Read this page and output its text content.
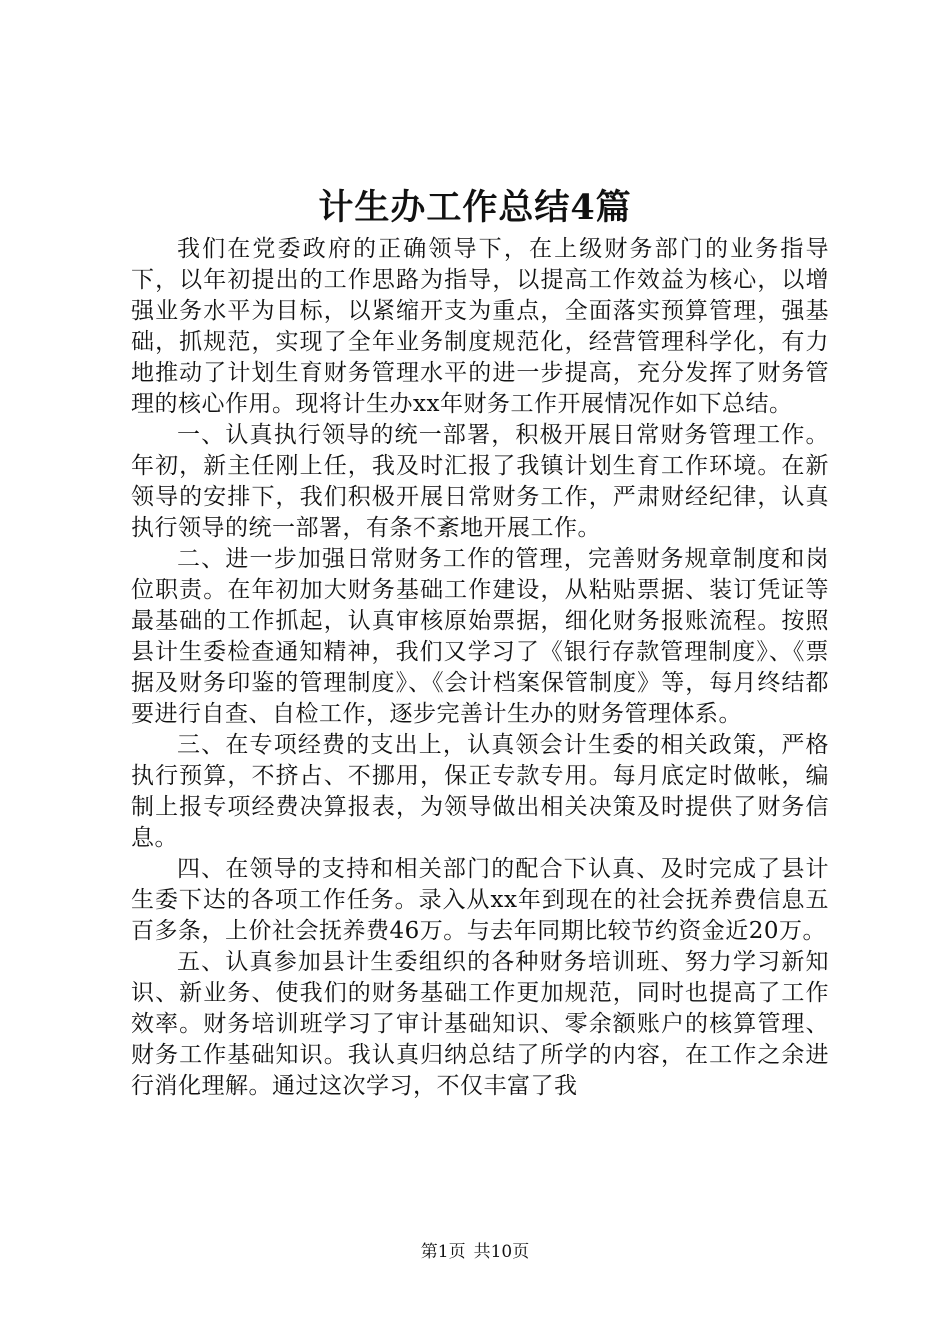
计生办工作总结4篇

我们在党委政府的正确领导下，在上级财务部门的业务指导下，以年初提出的工作思路为指导，以提高工作效益为核心，以增强业务水平为目标，以紧缩开支为重点，全面落实预算管理，强基础，抓规范，实现了全年业务制度规范化，经营管理科学化，有力地推动了计划生育财务管理水平的进一步提高，充分发挥了财务管理的核心作用。现将计生办xx年财务工作开展情况作如下总结。

一、认真执行领导的统一部署，积极开展日常财务管理工作。年初，新主任刚上任，我及时汇报了我镇计划生育工作环境。在新领导的安排下，我们积极开展日常财务工作，严肃财经纪律，认真执行领导的统一部署，有条不紊地开展工作。

二、进一步加强日常财务工作的管理，完善财务规章制度和岗位职责。在年初加大财务基础工作建设，从粘贴票据、装订凭证等最基础的工作抓起，认真审核原始票据，细化财务报账流程。按照县计生委检查通知精神，我们又学习了《银行存款管理制度》、《票据及财务印鉴的管理制度》、《会计档案保管制度》等，每月终结都要进行自查、自检工作，逐步完善计生办的财务管理体系。

三、在专项经费的支出上，认真领会计生委的相关政策，严格执行预算，不挤占、不挪用，保正专款专用。每月底定时做帐，编制上报专项经费决算报表，为领导做出相关决策及时提供了财务信息。

四、在领导的支持和相关部门的配合下认真、及时完成了县计生委下达的各项工作任务。录入从xx年到现在的社会抚养费信息五百多条，上价社会抚养费46万。与去年同期比较节约资金近20万。

五、认真参加县计生委组织的各种财务培训班、努力学习新知识、新业务、使我们的财务基础工作更加规范，同时也提高了工作效率。财务培训班学习了审计基础知识、零余额账户的核算管理、财务工作基础知识。我认真归纳总结了所学的内容，在工作之余进行消化理解。通过这次学习，不仅丰富了我

第1页 共10页
